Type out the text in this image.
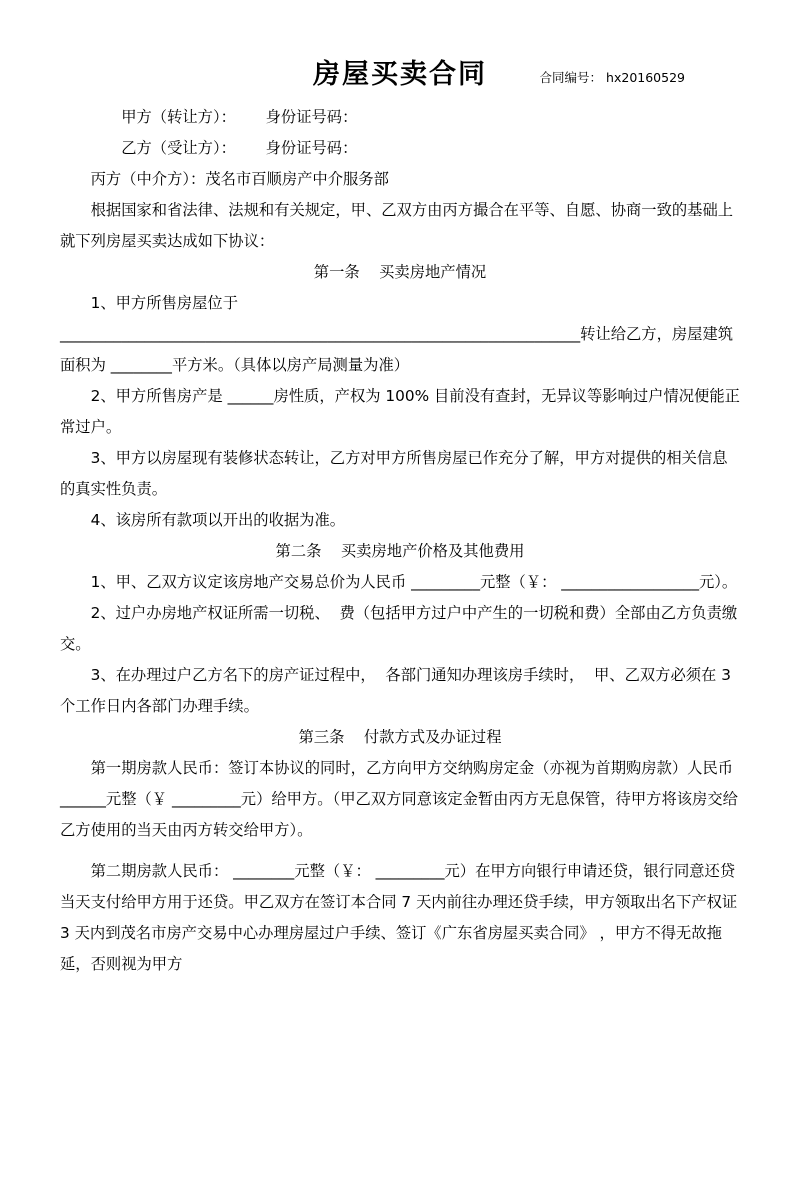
房屋买卖合同	合同编号： hx20160529

甲方（转让方）： 身份证号码：

乙方（受让方）： 身份证号码：

丙方（中介方）：茂名市百顺房产中介服务部

根据国家和省法律、法规和有关规定，甲、乙双方由丙方撮合在平等、自愿、协商一致的基础上就下列房屋买卖达成如下协议：

第一条    买卖房地产情况

1、甲方所售房屋位于 ____________________________________________________________________转让给乙方，房屋建筑面积为 ________平方米。（具体以房产局测量为准）

2、甲方所售房产是 ______房性质，产权为 100% 目前没有查封，无异议等影响过户情况便能正常过户。

3、甲方以房屋现有装修状态转让，乙方对甲方所售房屋已作充分了解，甲方对提供的相关信息的真实性负责。

4、该房所有款项以开出的收据为准。

第二条    买卖房地产价格及其他费用

1、甲、乙双方议定该房地产交易总价为人民币 _________元整（￥： __________________元）。

2、过户办房地产权证所需一切税、  费（包括甲方过户中产生的一切税和费）全部由乙方负责缴交。

3、在办理过户乙方名下的房产证过程中，  各部门通知办理该房手续时，  甲、乙双方必须在 3个工作日内各部门办理手续。

第三条    付款方式及办证过程

第一期房款人民币：签订本协议的同时，乙方向甲方交纳购房定金（亦视为首期购房款）人民币 ______元整（￥ _________元）给甲方。（甲乙双方同意该定金暂由丙方无息保管，待甲方将该房交给乙方使用的当天由丙方转交给甲方）。

第二期房款人民币： ________元整（￥： _________元）在甲方向银行申请还贷，银行同意还贷当天支付给甲方用于还贷。甲乙双方在签订本合同 7 天内前往办理还贷手续，甲方领取出名下产权证 3 天内到茂名市房产交易中心办理房屋过户手续、签订《广东省房屋买卖合同》 ，甲方不得无故拖延，否则视为甲方
